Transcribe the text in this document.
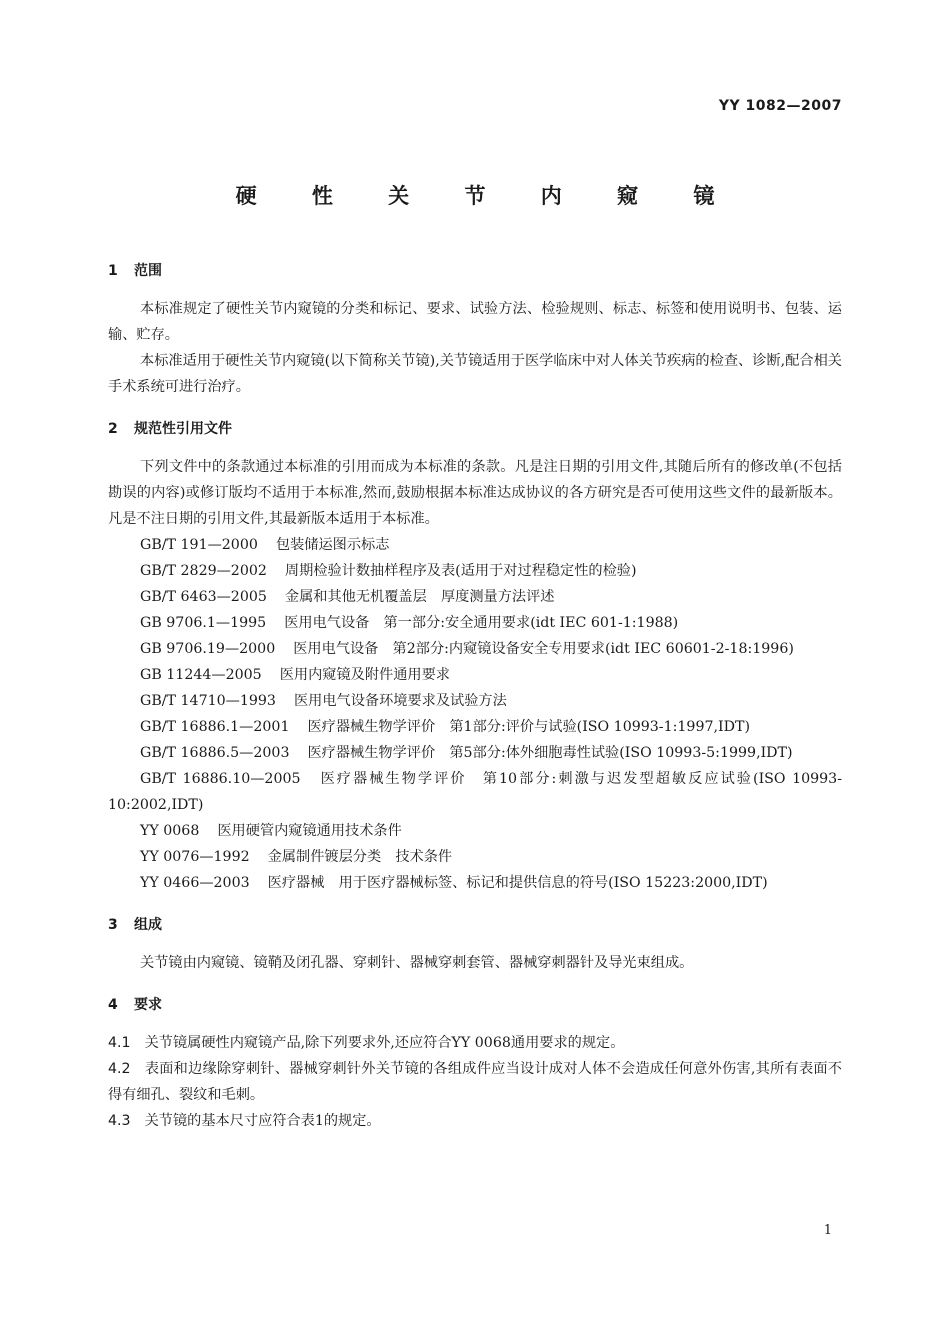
YY 1082—2007
硬 性 关 节 内 窥 镜
1 范围

本标准规定了硬性关节内窥镜的分类和标记、要求、试验方法、检验规则、标志、标签和使用说明书、包装、运输、贮存。

本标准适用于硬性关节内窥镜(以下简称关节镜),关节镜适用于医学临床中对人体关节疾病的检查、诊断,配合相关手术系统可进行治疗。

2 规范性引用文件

下列文件中的条款通过本标准的引用而成为本标准的条款。凡是注日期的引用文件,其随后所有的修改单(不包括勘误的内容)或修订版均不适用于本标准,然而,鼓励根据本标准达成协议的各方研究是否可使用这些文件的最新版本。凡是不注日期的引用文件,其最新版本适用于本标准。

GB/T 191—2000 包装储运图示标志

GB/T 2829—2002 周期检验计数抽样程序及表(适用于对过程稳定性的检验)

GB/T 6463—2005 金属和其他无机覆盖层　厚度测量方法评述

GB 9706.1—1995 医用电气设备　第一部分:安全通用要求(idt IEC 601-1:1988)

GB 9706.19—2000 医用电气设备　第2部分:内窥镜设备安全专用要求(idt IEC 60601-2-18:1996)

GB 11244—2005 医用内窥镜及附件通用要求

GB/T 14710—1993 医用电气设备环境要求及试验方法

GB/T 16886.1—2001 医疗器械生物学评价　第1部分:评价与试验(ISO 10993-1:1997,IDT)

GB/T 16886.5—2003 医疗器械生物学评价　第5部分:体外细胞毒性试验(ISO 10993-5:1999,IDT)

GB/T 16886.10—2005 医疗器械生物学评价　第10部分:刺激与迟发型超敏反应试验(ISO 10993-10:2002,IDT)

YY 0068 医用硬管内窥镜通用技术条件

YY 0076—1992 金属制件镀层分类　技术条件

YY 0466—2003 医疗器械　用于医疗器械标签、标记和提供信息的符号(ISO 15223:2000,IDT)

3 组成

关节镜由内窥镜、镜鞘及闭孔器、穿刺针、器械穿刺套管、器械穿刺器针及导光束组成。

4 要求

4.1 关节镜属硬性内窥镜产品,除下列要求外,还应符合YY 0068通用要求的规定。

4.2 表面和边缘除穿刺针、器械穿刺针外关节镜的各组成件应当设计成对人体不会造成任何意外伤害,其所有表面不得有细孔、裂纹和毛刺。

4.3 关节镜的基本尺寸应符合表1的规定。

1
